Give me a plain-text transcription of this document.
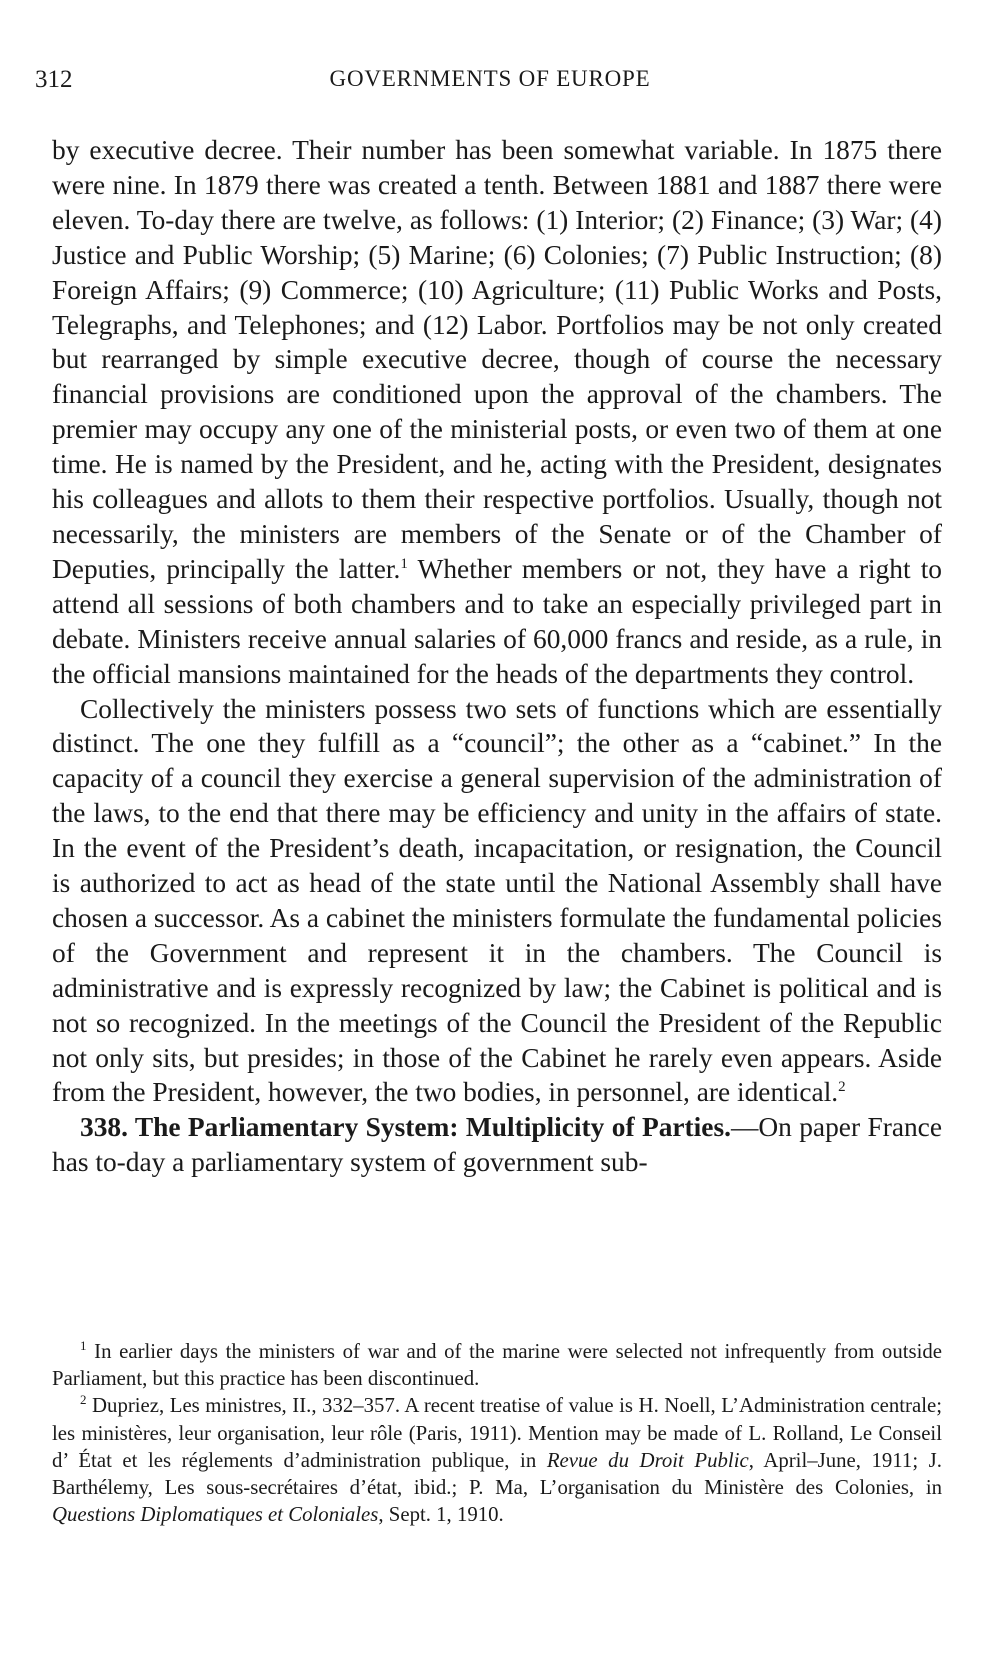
312	GOVERNMENTS OF EUROPE

by executive decree. Their number has been somewhat variable. In 1875 there were nine. In 1879 there was created a tenth. Between 1881 and 1887 there were eleven. To-day there are twelve, as follows: (1) Interior; (2) Finance; (3) War; (4) Justice and Public Worship; (5) Marine; (6) Colonies; (7) Public Instruction; (8) Foreign Affairs; (9) Commerce; (10) Agriculture; (11) Public Works and Posts, Telegraphs, and Telephones; and (12) Labor. Portfolios may be not only created but rearranged by simple executive decree, though of course the necessary financial provisions are conditioned upon the approval of the chambers. The premier may occupy any one of the ministerial posts, or even two of them at one time. He is named by the President, and he, acting with the President, designates his colleagues and allots to them their respective portfolios. Usually, though not necessarily, the ministers are members of the Senate or of the Chamber of Deputies, principally the latter.$^1$ Whether members or not, they have a right to attend all sessions of both chambers and to take an especially privileged part in debate. Ministers receive annual salaries of 60,000 francs and reside, as a rule, in the official mansions maintained for the heads of the departments they control.

Collectively the ministers possess two sets of functions which are essentially distinct. The one they fulfill as a “council”; the other as a “cabinet.” In the capacity of a council they exercise a general supervision of the administration of the laws, to the end that there may be efficiency and unity in the affairs of state. In the event of the President’s death, incapacitation, or resignation, the Council is authorized to act as head of the state until the National Assembly shall have chosen a successor. As a cabinet the ministers formulate the fundamental policies of the Government and represent it in the chambers. The Council is administrative and is expressly recognized by law; the Cabinet is political and is not so recognized. In the meetings of the Council the President of the Republic not only sits, but presides; in those of the Cabinet he rarely even appears. Aside from the President, however, the two bodies, in personnel, are identical.$^2$

338. The Parliamentary System: Multiplicity of Parties.—On paper France has to-day a parliamentary system of government sub-

$^1$ In earlier days the ministers of war and of the marine were selected not infrequently from outside Parliament, but this practice has been discontinued.

$^2$ Dupriez, Les ministres, II., 332–357. A recent treatise of value is H. Noell, L’Administration centrale; les ministères, leur organisation, leur rôle (Paris, 1911). Mention may be made of L. Rolland, Le Conseil d’ État et les réglements d’administration publique, in Revue du Droit Public, April–June, 1911; J. Barthélemy, Les sous-secrétaires d’état, ibid.; P. Ma, L’organisation du Ministère des Colonies, in Questions Diplomatiques et Coloniales, Sept. 1, 1910.
